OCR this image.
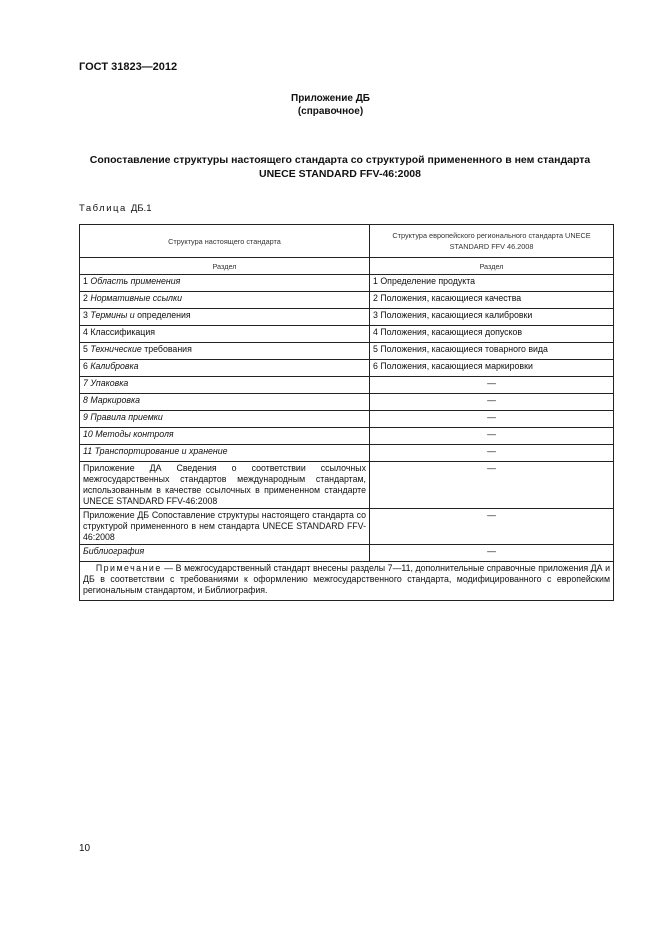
ГОСТ 31823—2012
Приложение ДБ
(справочное)
Сопоставление структуры настоящего стандарта со структурой примененного в нем стандарта
UNECE STANDARD FFV-46:2008
Таблица ДБ.1
Структура настоящего стандарта	Структура европейского регионального стандарта UNECE STANDARD FFV 46.2008
Раздел	Раздел
1 Область применения	1 Определение продукта
2 Нормативные ссылки	2 Положения, касающиеся качества
3 Термины и определения	3 Положения, касающиеся калибровки
4 Классификация	4 Положения, касающиеся допусков
5 Технические требования	5 Положения, касающиеся товарного вида
6 Калибровка	6 Положения, касающиеся маркировки
7 Упаковка	—
8 Маркировка	—
9 Правила приемки	—
10 Методы контроля	—
11 Транспортирование и хранение	—
Приложение ДА Сведения о соответствии ссылочных межгосударственных стандартов международным стандартам, использованным в качестве ссылочных в примененном стандарте UNECE STANDARD FFV-46:2008	—
Приложение ДБ Сопоставление структуры настоящего стандарта со структурой примененного в нем стандарта UNECE STANDARD FFV-46:2008	—
Библиография	—
Примечание — В межгосударственный стандарт внесены разделы 7—11, дополнительные справочные приложения ДА и ДБ в соответствии с требованиями к оформлению межгосударственного стандарта, модифицированного с европейским региональным стандартом, и Библиография.	
10
